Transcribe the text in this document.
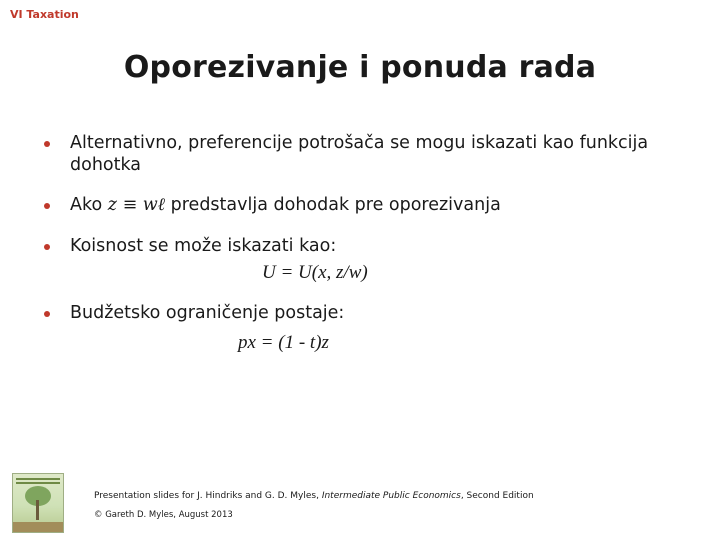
VI Taxation
Oporezivanje i ponuda rada
Alternativno, preferencije potrošača se mogu iskazati kao funkcija dohotka
Ako z ≡ wℓ predstavlja dohodak pre oporezivanja
Koisnost se može iskazati kao:
Budžetsko ograničenje postaje:
U = U(x, z/w)
px = (1 - t)z
Presentation slides for J. Hindriks and G. D. Myles, Intermediate Public Economics, Second Edition
© Gareth D. Myles, August 2013
